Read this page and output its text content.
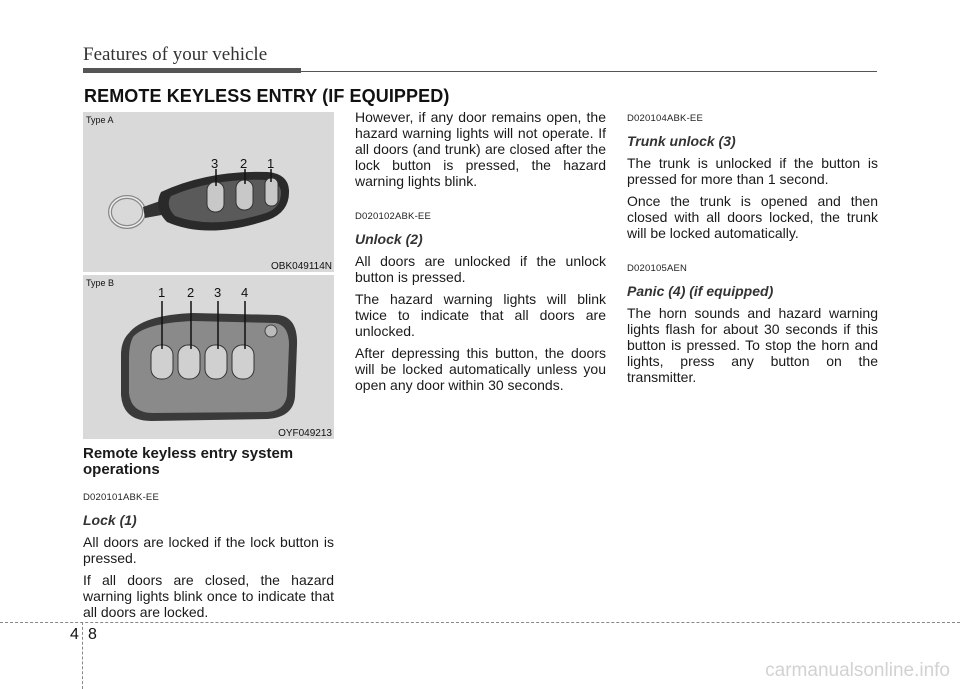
Features of your vehicle
REMOTE KEYLESS ENTRY (IF EQUIPPED)
Type A
3 2 1
OBK049114N
Type B
1 2 3 4
OYF049213

Remote keyless entry system operations

D020101ABK-EE

Lock (1)

All doors are locked if the lock button is pressed.

If all doors are closed, the hazard warning lights blink once to indicate that all doors are locked.

However, if any door remains open, the hazard warning lights will not operate. If all doors (and trunk) are closed after the lock button is pressed, the hazard warning lights blink.

D020102ABK-EE

Unlock (2)

All doors are unlocked if the unlock button is pressed.

The hazard warning lights will blink twice to indicate that all doors are unlocked.

After depressing this button, the doors will be locked automatically unless you open any door within 30 seconds.

D020104ABK-EE

Trunk unlock (3)

The trunk is unlocked if the button is pressed for more than 1 second.

Once the trunk is opened and then closed with all doors locked, the trunk will be locked automatically.

D020105AEN

Panic (4) (if equipped)

The horn sounds and hazard warning lights flash for about 30 seconds if this button is pressed. To stop the horn and lights, press any button on the transmitter.

4 8
carmanualsonline.info
